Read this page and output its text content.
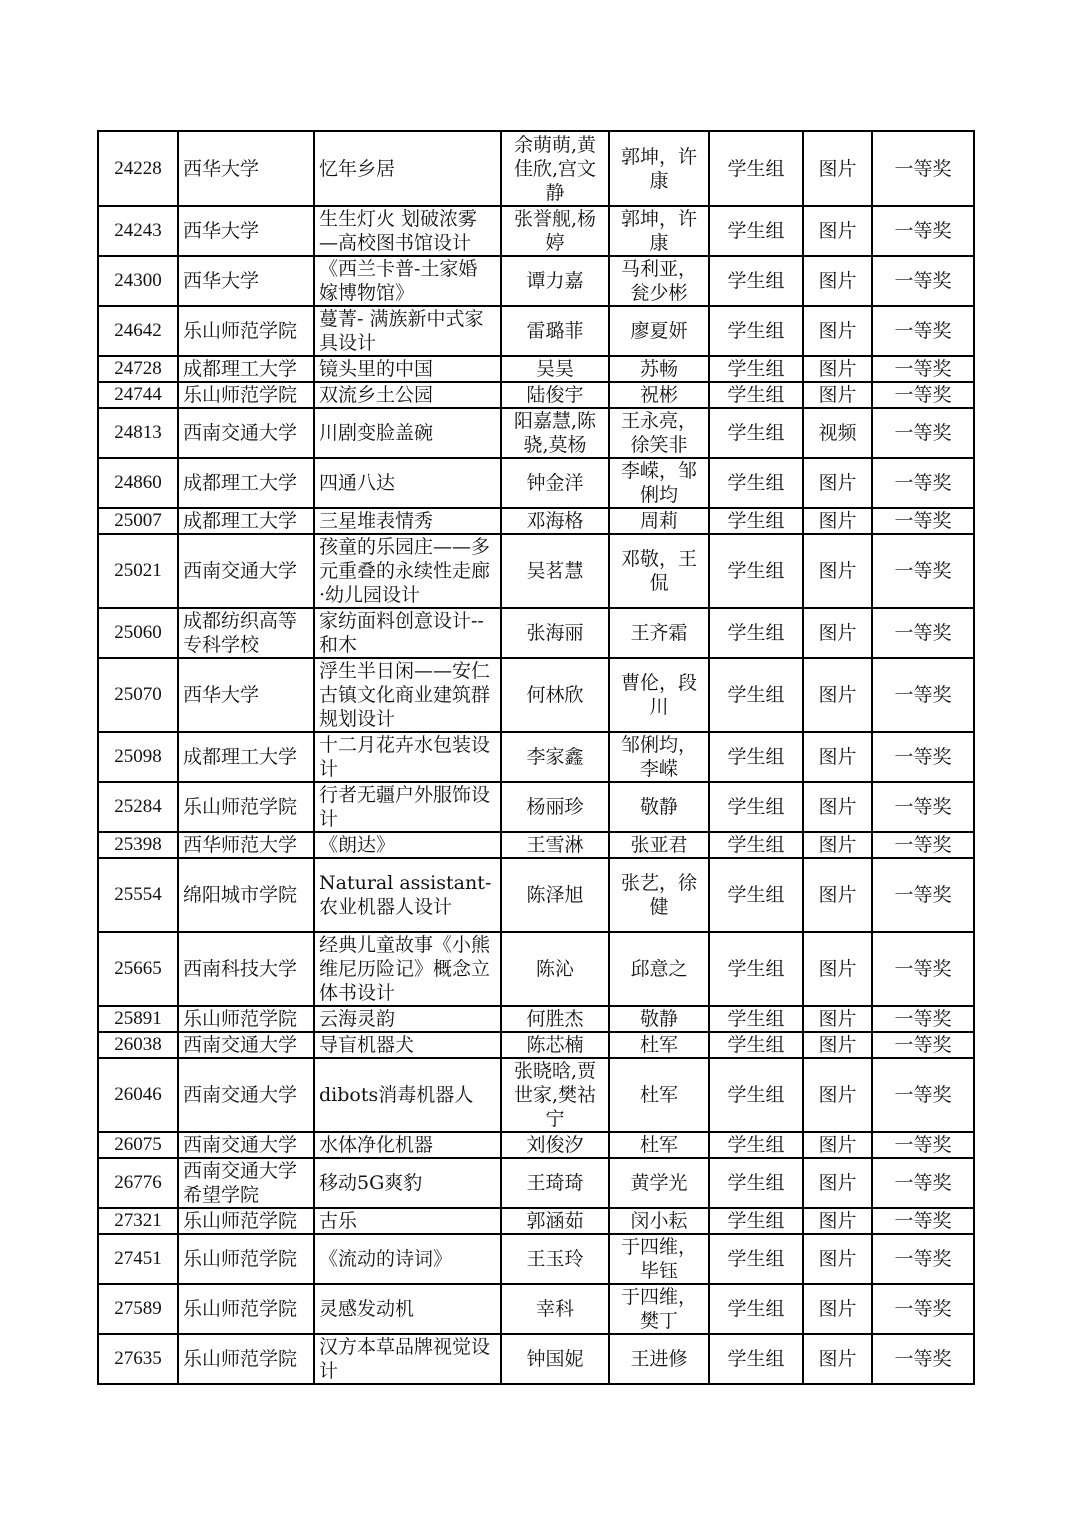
24228	西华大学	忆年乡居	余萌萌,黄佳欣,宫文静	郭坤，许康	学生组	图片	一等奖
24243	西华大学	生生灯火 划破浓雾—高校图书馆设计	张誉舰,杨婷	郭坤，许康	学生组	图片	一等奖
24300	西华大学	《西兰卡普-土家婚嫁博物馆》	谭力嘉	马利亚，瓮少彬	学生组	图片	一等奖
24642	乐山师范学院	蔓菁- 满族新中式家具设计	雷璐菲	廖夏妍	学生组	图片	一等奖
24728	成都理工大学	镜头里的中国	吴昊	苏畅	学生组	图片	一等奖
24744	乐山师范学院	双流乡土公园	陆俊宇	祝彬	学生组	图片	一等奖
24813	西南交通大学	川剧变脸盖碗	阳嘉慧,陈骁,莫杨	王永亮，徐笑非	学生组	视频	一等奖
24860	成都理工大学	四通八达	钟金洋	李嵘，邹俐均	学生组	图片	一等奖
25007	成都理工大学	三星堆表情秀	邓海格	周莉	学生组	图片	一等奖
25021	西南交通大学	孩童的乐园庄——多元重叠的永续性走廊·幼儿园设计	吴茗慧	邓敬，王侃	学生组	图片	一等奖
25060	成都纺织高等专科学校	家纺面料创意设计--和木	张海丽	王齐霜	学生组	图片	一等奖
25070	西华大学	浮生半日闲——安仁古镇文化商业建筑群规划设计	何林欣	曹伦，段川	学生组	图片	一等奖
25098	成都理工大学	十二月花卉水包装设计	李家鑫	邹俐均，李嵘	学生组	图片	一等奖
25284	乐山师范学院	行者无疆户外服饰设计	杨丽珍	敬静	学生组	图片	一等奖
25398	西华师范大学	《朗达》	王雪淋	张亚君	学生组	图片	一等奖
25554	绵阳城市学院	Natural assistant-农业机器人设计	陈泽旭	张艺，徐健	学生组	图片	一等奖
25665	西南科技大学	经典儿童故事《小熊维尼历险记》概念立体书设计	陈沁	邱意之	学生组	图片	一等奖
25891	乐山师范学院	云海灵韵	何胜杰	敬静	学生组	图片	一等奖
26038	西南交通大学	导盲机器犬	陈芯楠	杜军	学生组	图片	一等奖
26046	西南交通大学	dibots消毒机器人	张晓晗,贾世家,樊祜宁	杜军	学生组	图片	一等奖
26075	西南交通大学	水体净化机器	刘俊汐	杜军	学生组	图片	一等奖
26776	西南交通大学希望学院	移动5G爽豹	王琦琦	黄学光	学生组	图片	一等奖
27321	乐山师范学院	古乐	郭涵茹	闵小耘	学生组	图片	一等奖
27451	乐山师范学院	《流动的诗词》	王玉玲	于四维，毕钰	学生组	图片	一等奖
27589	乐山师范学院	灵感发动机	幸科	于四维，樊丁	学生组	图片	一等奖
27635	乐山师范学院	汉方本草品牌视觉设计	钟国妮	王进修	学生组	图片	一等奖
